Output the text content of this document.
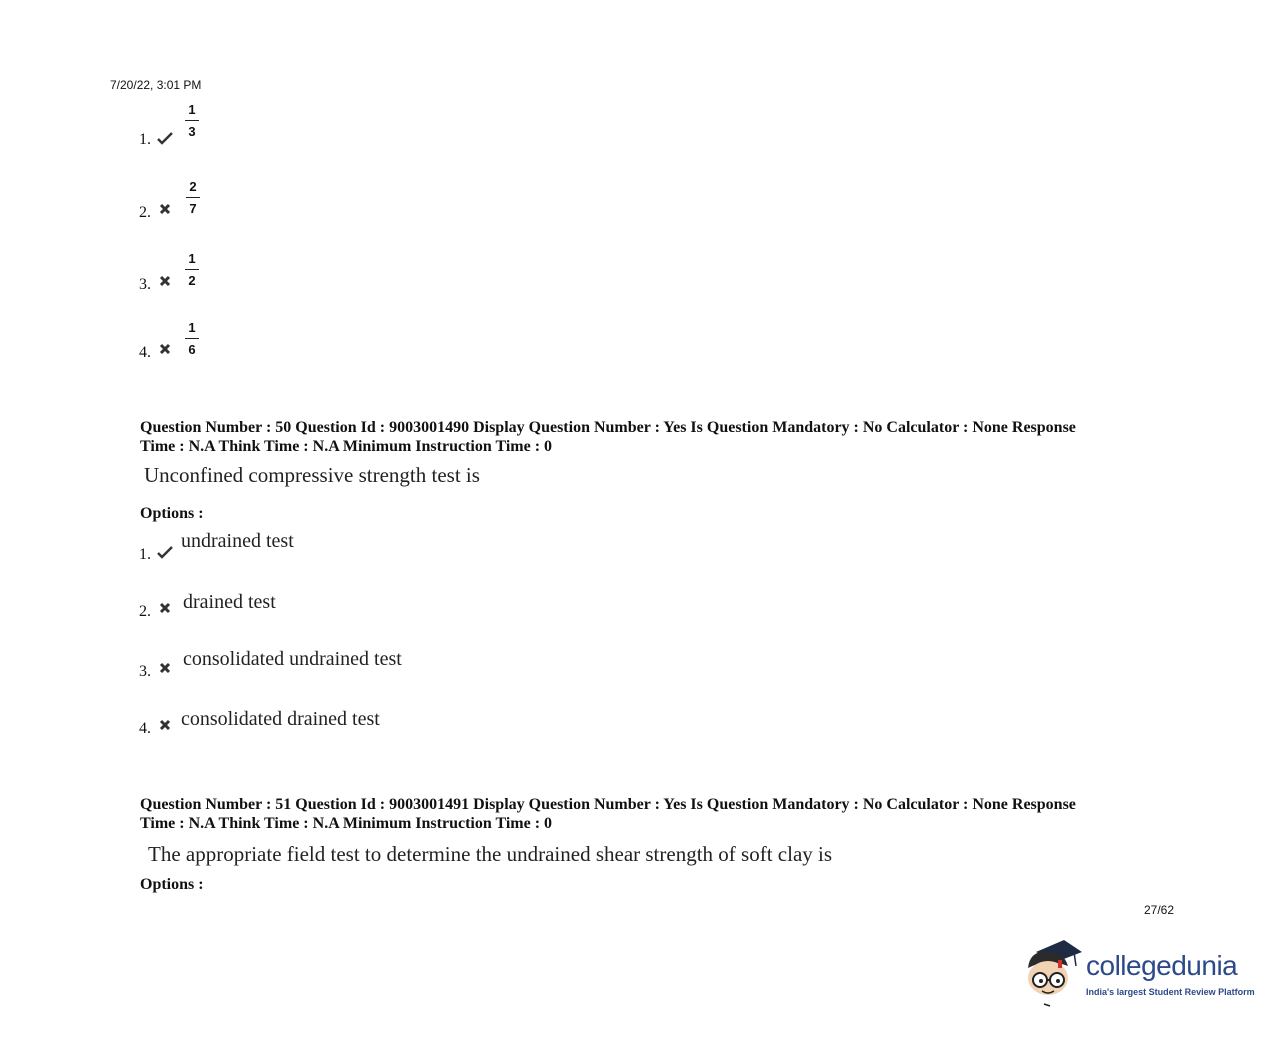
7/20/22, 3:01 PM
1.
1
3
2.
2
7
3.
1
2
4.
1
6
Question Number : 50 Question Id : 9003001490 Display Question Number : Yes Is Question Mandatory : No Calculator : None Response
Time : N.A Think Time : N.A Minimum Instruction Time : 0
Unconfined compressive strength test is
Options :
1.
undrained test
2. drained test
3.
consolidated undrained test
4. consolidated drained test
Question Number : 51 Question Id : 9003001491 Display Question Number : Yes Is Question Mandatory : No Calculator : None Response
Time : N.A Think Time : N.A Minimum Instruction Time : 0
The appropriate field test to determine the undrained shear strength of soft clay is
Options :
27/62
collegedunia
India's largest Student Review Platform
